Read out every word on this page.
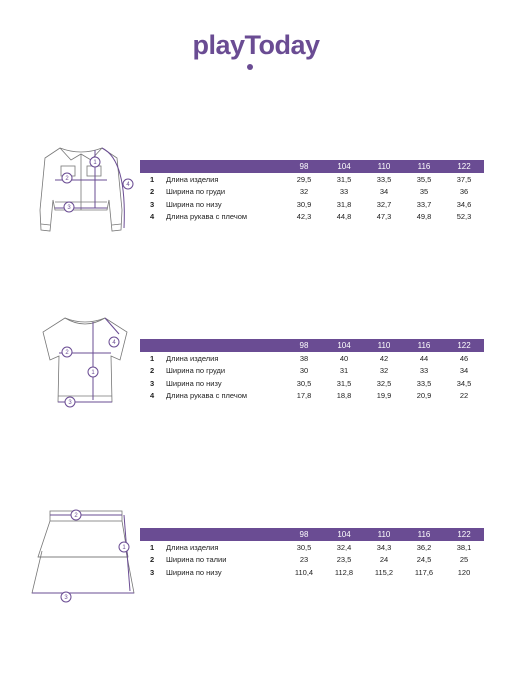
playToday
1
2
3
4
1
2
3
4
1
2
3
98	104	110	116	122
1	Длина изделия	29,5	31,5	33,5	35,5	37,5
2	Ширина по груди	32	33	34	35	36
3	Ширина по низу	30,9	31,8	32,7	33,7	34,6
4	Длина рукава с плечом	42,3	44,8	47,3	49,8	52,3
98	104	110	116	122
1	Длина изделия	38	40	42	44	46
2	Ширина по груди	30	31	32	33	34
3	Ширина по низу	30,5	31,5	32,5	33,5	34,5
4	Длина рукава с плечом	17,8	18,8	19,9	20,9	22
98	104	110	116	122
1	Длина изделия	30,5	32,4	34,3	36,2	38,1
2	Ширина по талии	23	23,5	24	24,5	25
3	Ширина по низу	110,4	112,8	115,2	117,6	120
